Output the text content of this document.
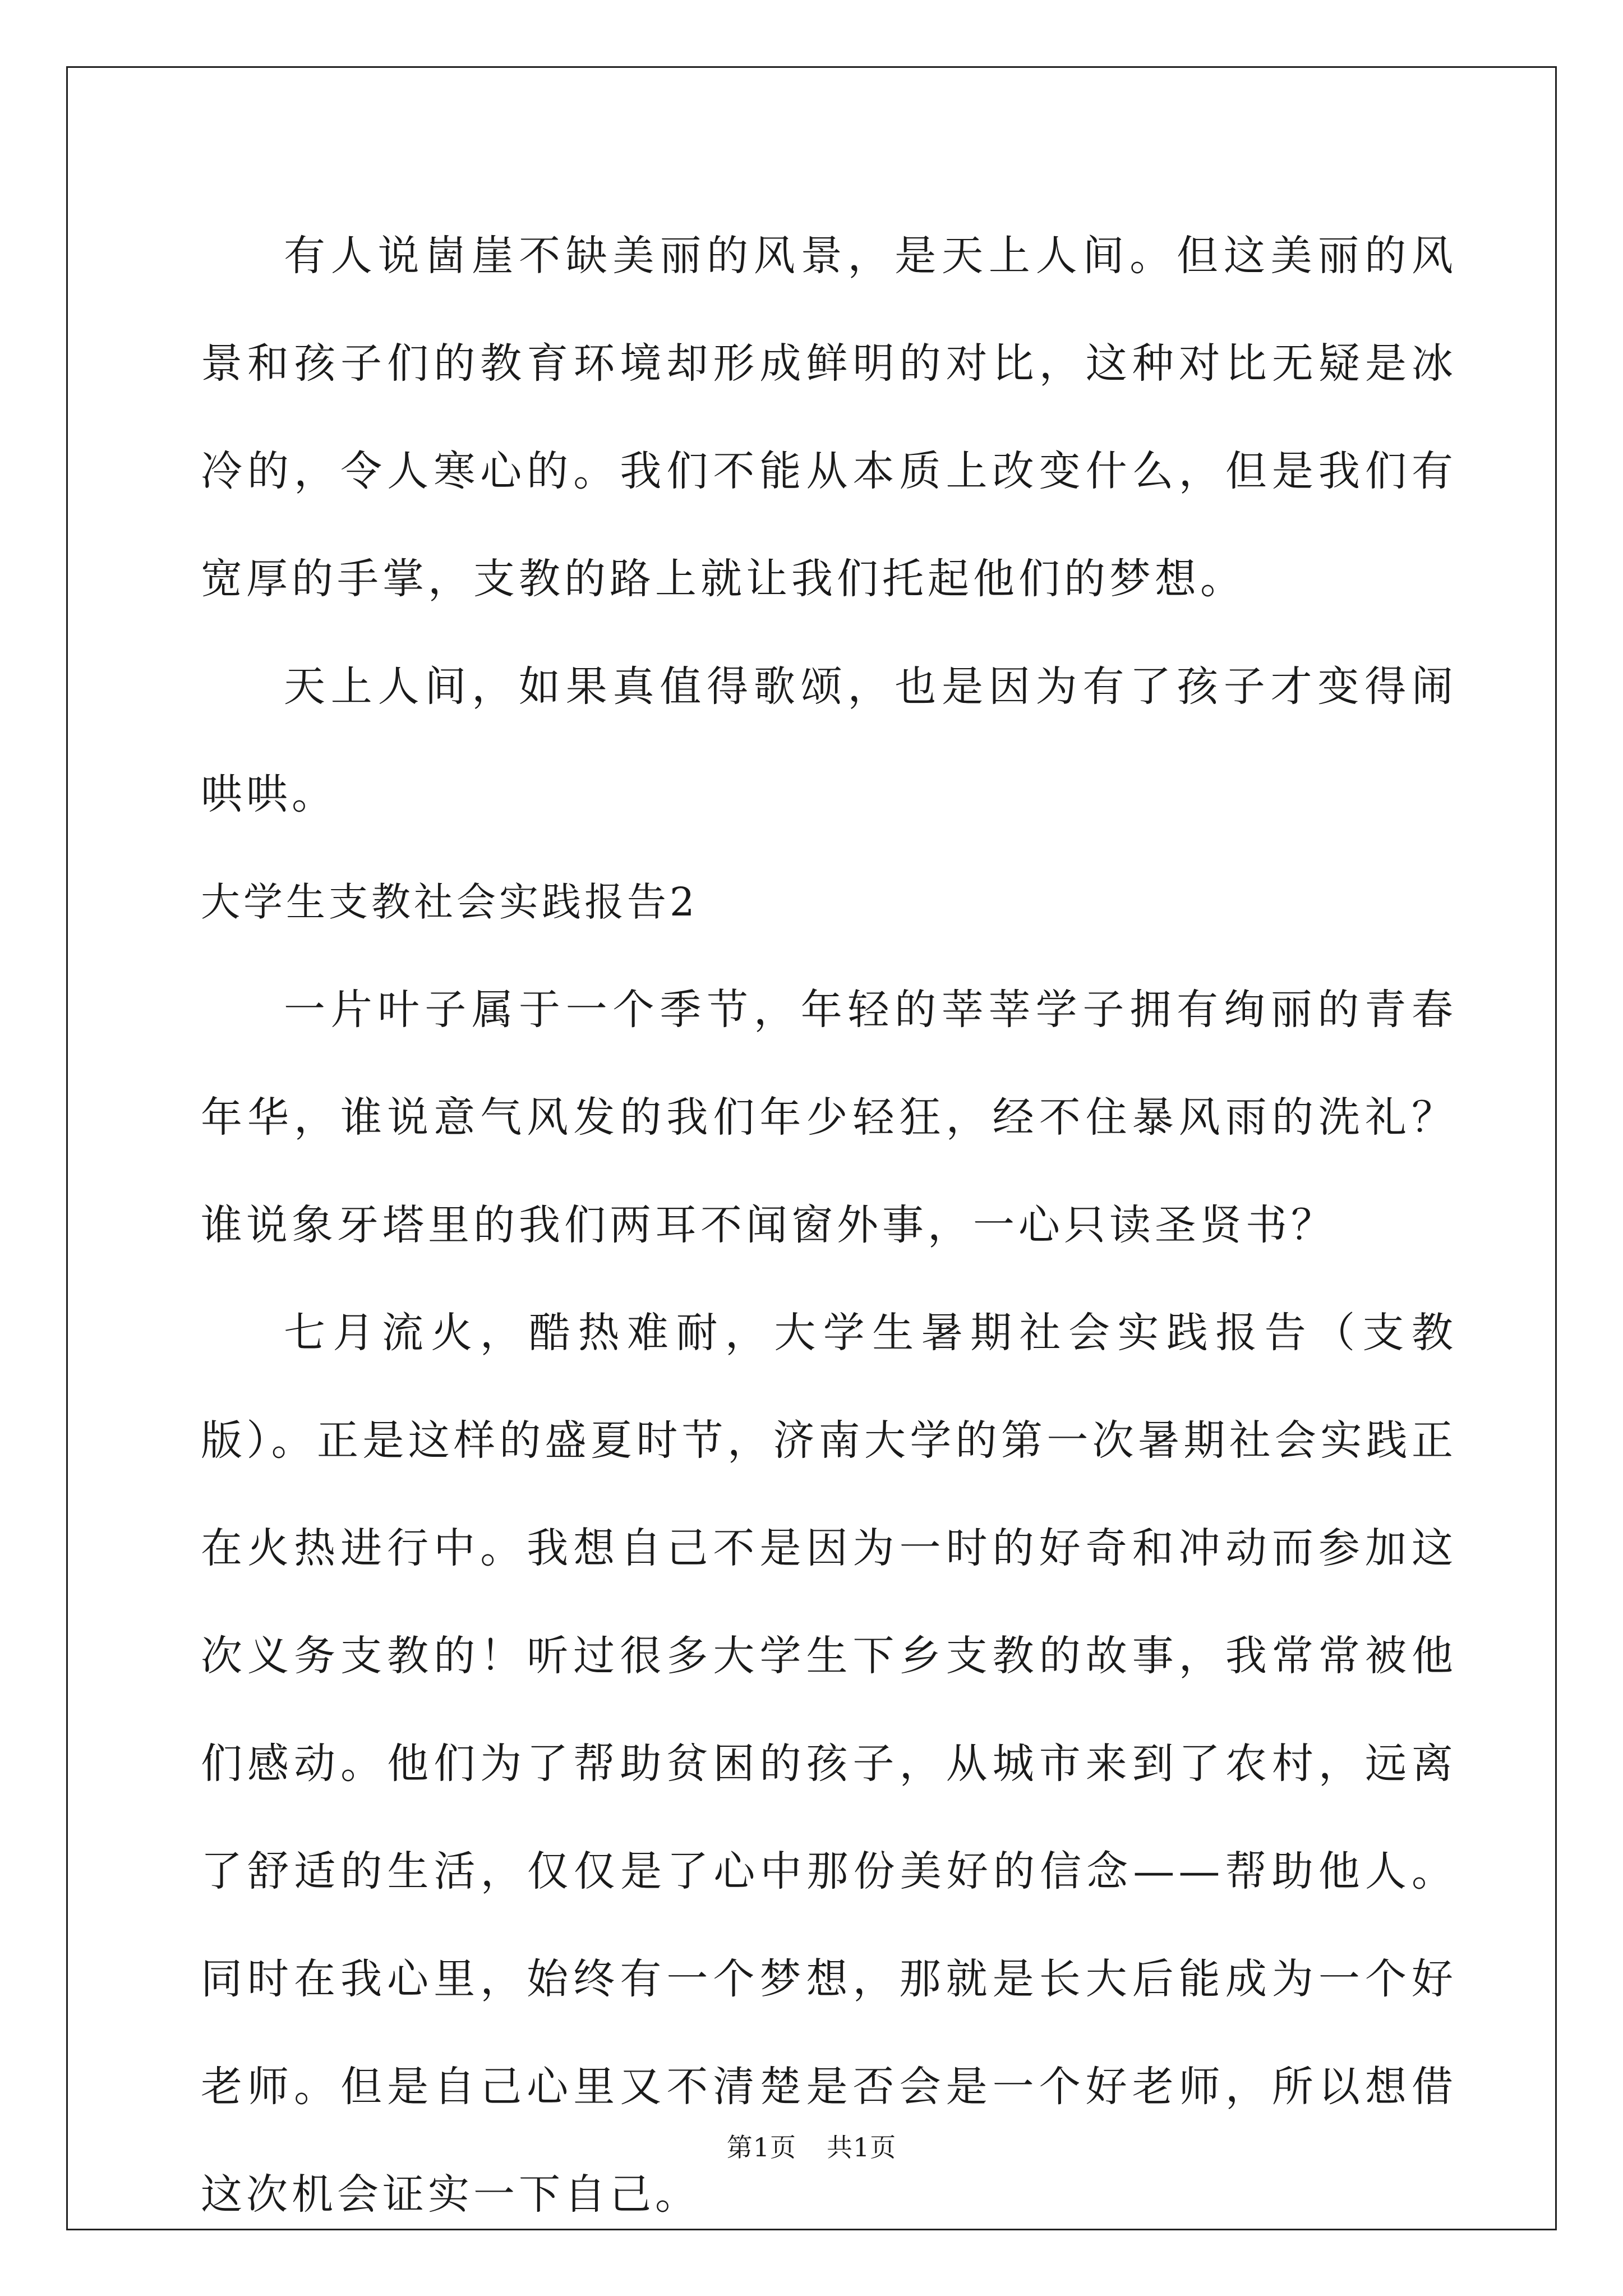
有人说崮崖不缺美丽的风景，是天上人间。但这美丽的风景和孩子们的教育环境却形成鲜明的对比，这种对比无疑是冰冷的，令人寒心的。我们不能从本质上改变什么，但是我们有宽厚的手掌，支教的路上就让我们托起他们的梦想。

天上人间，如果真值得歌颂，也是因为有了孩子才变得闹哄哄。

大学生支教社会实践报告2

一片叶子属于一个季节，年轻的莘莘学子拥有绚丽的青春年华，谁说意气风发的我们年少轻狂，经不住暴风雨的洗礼？谁说象牙塔里的我们两耳不闻窗外事，一心只读圣贤书？

七月流火，酷热难耐，大学生暑期社会实践报告（支教版）。正是这样的盛夏时节，济南大学的第一次暑期社会实践正在火热进行中。我想自己不是因为一时的好奇和冲动而参加这次义务支教的！听过很多大学生下乡支教的故事，我常常被他们感动。他们为了帮助贫困的孩子，从城市来到了农村，远离了舒适的生活，仅仅是了心中那份美好的信念——帮助他人。同时在我心里，始终有一个梦想，那就是长大后能成为一个好老师。但是自己心里又不清楚是否会是一个好老师，所以想借这次机会证实一下自己。

第1页 共1页
